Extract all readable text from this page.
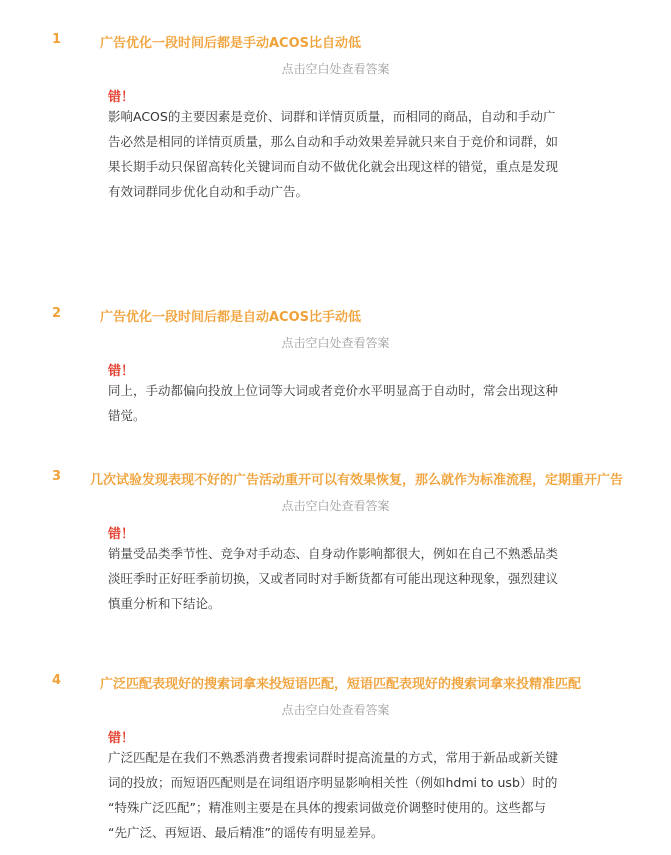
1	广告优化一段时间后都是手动ACOS比自动低
点击空白处查看答案
错！

影响ACOS的主要因素是竞价、词群和详情页质量，而相同的商品，自动和手动广

告必然是相同的详情页质量，那么自动和手动效果差异就只来自于竞价和词群，如

果长期手动只保留高转化关键词而自动不做优化就会出现这样的错觉，重点是发现

有效词群同步优化自动和手动广告。

2	广告优化一段时间后都是自动ACOS比手动低
点击空白处查看答案
错！

同上，手动都偏向投放上位词等大词或者竞价水平明显高于自动时，常会出现这种

错觉。

3 几次试验发现表现不好的广告活动重开可以有效果恢复，那么就作为标准流程，定期重开广告
点击空白处查看答案
错！

销量受品类季节性、竞争对手动态、自身动作影响都很大，例如在自己不熟悉品类

淡旺季时正好旺季前切换，又或者同时对手断货都有可能出现这种现象，强烈建议

慎重分析和下结论。

4	广泛匹配表现好的搜索词拿来投短语匹配，短语匹配表现好的搜索词拿来投精准匹配
点击空白处查看答案
错！

广泛匹配是在我们不熟悉消费者搜索词群时提高流量的方式，常用于新品或新关键

词的投放；而短语匹配则是在词组语序明显影响相关性（例如hdmi to usb）时的

“特殊广泛匹配”；精准则主要是在具体的搜索词做竞价调整时使用的。这些都与

“先广泛、再短语、最后精准”的谣传有明显差异。
